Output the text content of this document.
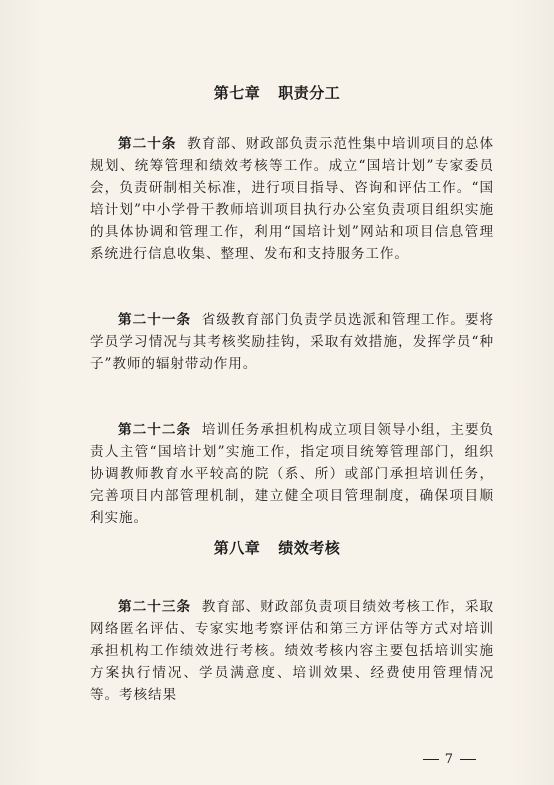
第七章 职责分工
第二十条 教育部、财政部负责示范性集中培训项目的总体规划、统筹管理和绩效考核等工作。成立“国培计划”专家委员会，负责研制相关标准，进行项目指导、咨询和评估工作。“国培计划”中小学骨干教师培训项目执行办公室负责项目组织实施的具体协调和管理工作，利用“国培计划”网站和项目信息管理系统进行信息收集、整理、发布和支持服务工作。
第二十一条 省级教育部门负责学员选派和管理工作。要将学员学习情况与其考核奖励挂钩，采取有效措施，发挥学员“种子”教师的辐射带动作用。
第二十二条 培训任务承担机构成立项目领导小组，主要负责人主管“国培计划”实施工作，指定项目统筹管理部门，组织协调教师教育水平较高的院（系、所）或部门承担培训任务，完善项目内部管理机制，建立健全项目管理制度，确保项目顺利实施。
第八章 绩效考核
第二十三条 教育部、财政部负责项目绩效考核工作，采取网络匿名评估、专家实地考察评估和第三方评估等方式对培训承担机构工作绩效进行考核。绩效考核内容主要包括培训实施方案执行情况、学员满意度、培训效果、经费使用管理情况等。考核结果
7
